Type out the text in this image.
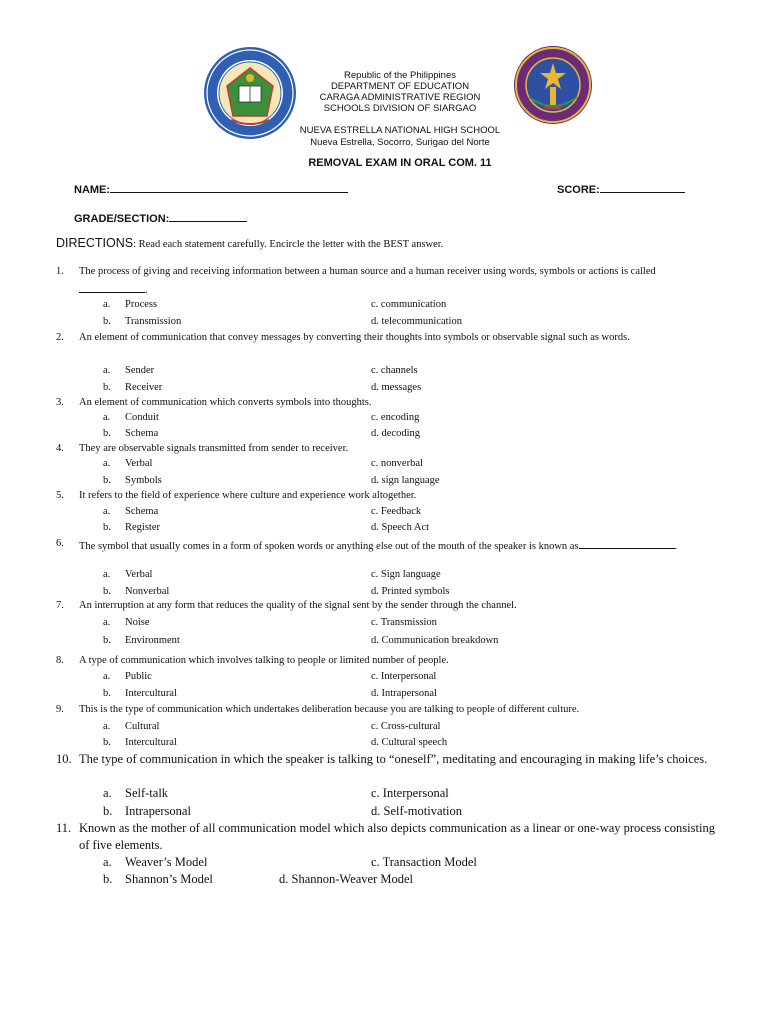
Republic of the Philippines
DEPARTMENT OF EDUCATION
CARAGA ADMINISTRATIVE REGION
SCHOOLS DIVISION OF SIARGAO
NUEVA ESTRELLA NATIONAL HIGH SCHOOL
Nueva Estrella, Socorro, Surigao del Norte
REMOVAL EXAM IN ORAL COM. 11
NAME:	SCORE:
GRADE/SECTION:
DIRECTIONS: Read each statement carefully. Encircle the letter with the BEST answer.
1. The process of giving and receiving information between a human source and a human receiver using words, symbols or actions is called.
a. Process	c. communication
b. Transmission	d. telecommunication
2. An element of communication that convey messages by converting their thoughts into symbols or observable signal such as words.
a. Sender	c. channels
b. Receiver	d. messages
3. An element of communication which converts symbols into thoughts.
a. Conduit	c. encoding
b. Schema	d. decoding
4. They are observable signals transmitted from sender to receiver.
a. Verbal	c. nonverbal
b. Symbols	d. sign language
5. It refers to the field of experience where culture and experience work altogether.
a. Schema	c. Feedback
b. Register	d. Speech Act
6. The symbol that usually comes in a form of spoken words or anything else out of the mouth of the speaker is known as	.
a. Verbal	c. Sign language
b. Nonverbal	d. Printed symbols
7. An interruption at any form that reduces the quality of the signal sent by the sender through the channel.
a. Noise	c. Transmission
b. Environment	d. Communication breakdown
8. A type of communication which involves talking to people or limited number of people.
a. Public	c. Interpersonal
b. Intercultural	d. Intrapersonal
9. This is the type of communication which undertakes deliberation because you are talking to people of different culture.
a. Cultural	c. Cross-cultural
b. Intercultural	d. Cultural speech
10. The type of communication in which the speaker is talking to “oneself”, meditating and encouraging in making life’s choices.
a. Self-talk	c. Interpersonal
b. Intrapersonal	d. Self-motivation
11. Known as the mother of all communication model which also depicts communication as a linear or one-way process consisting of five elements.
a. Weaver’s Model	c. Transaction Model
b. Shannon’s Model	d. Shannon-Weaver Model
